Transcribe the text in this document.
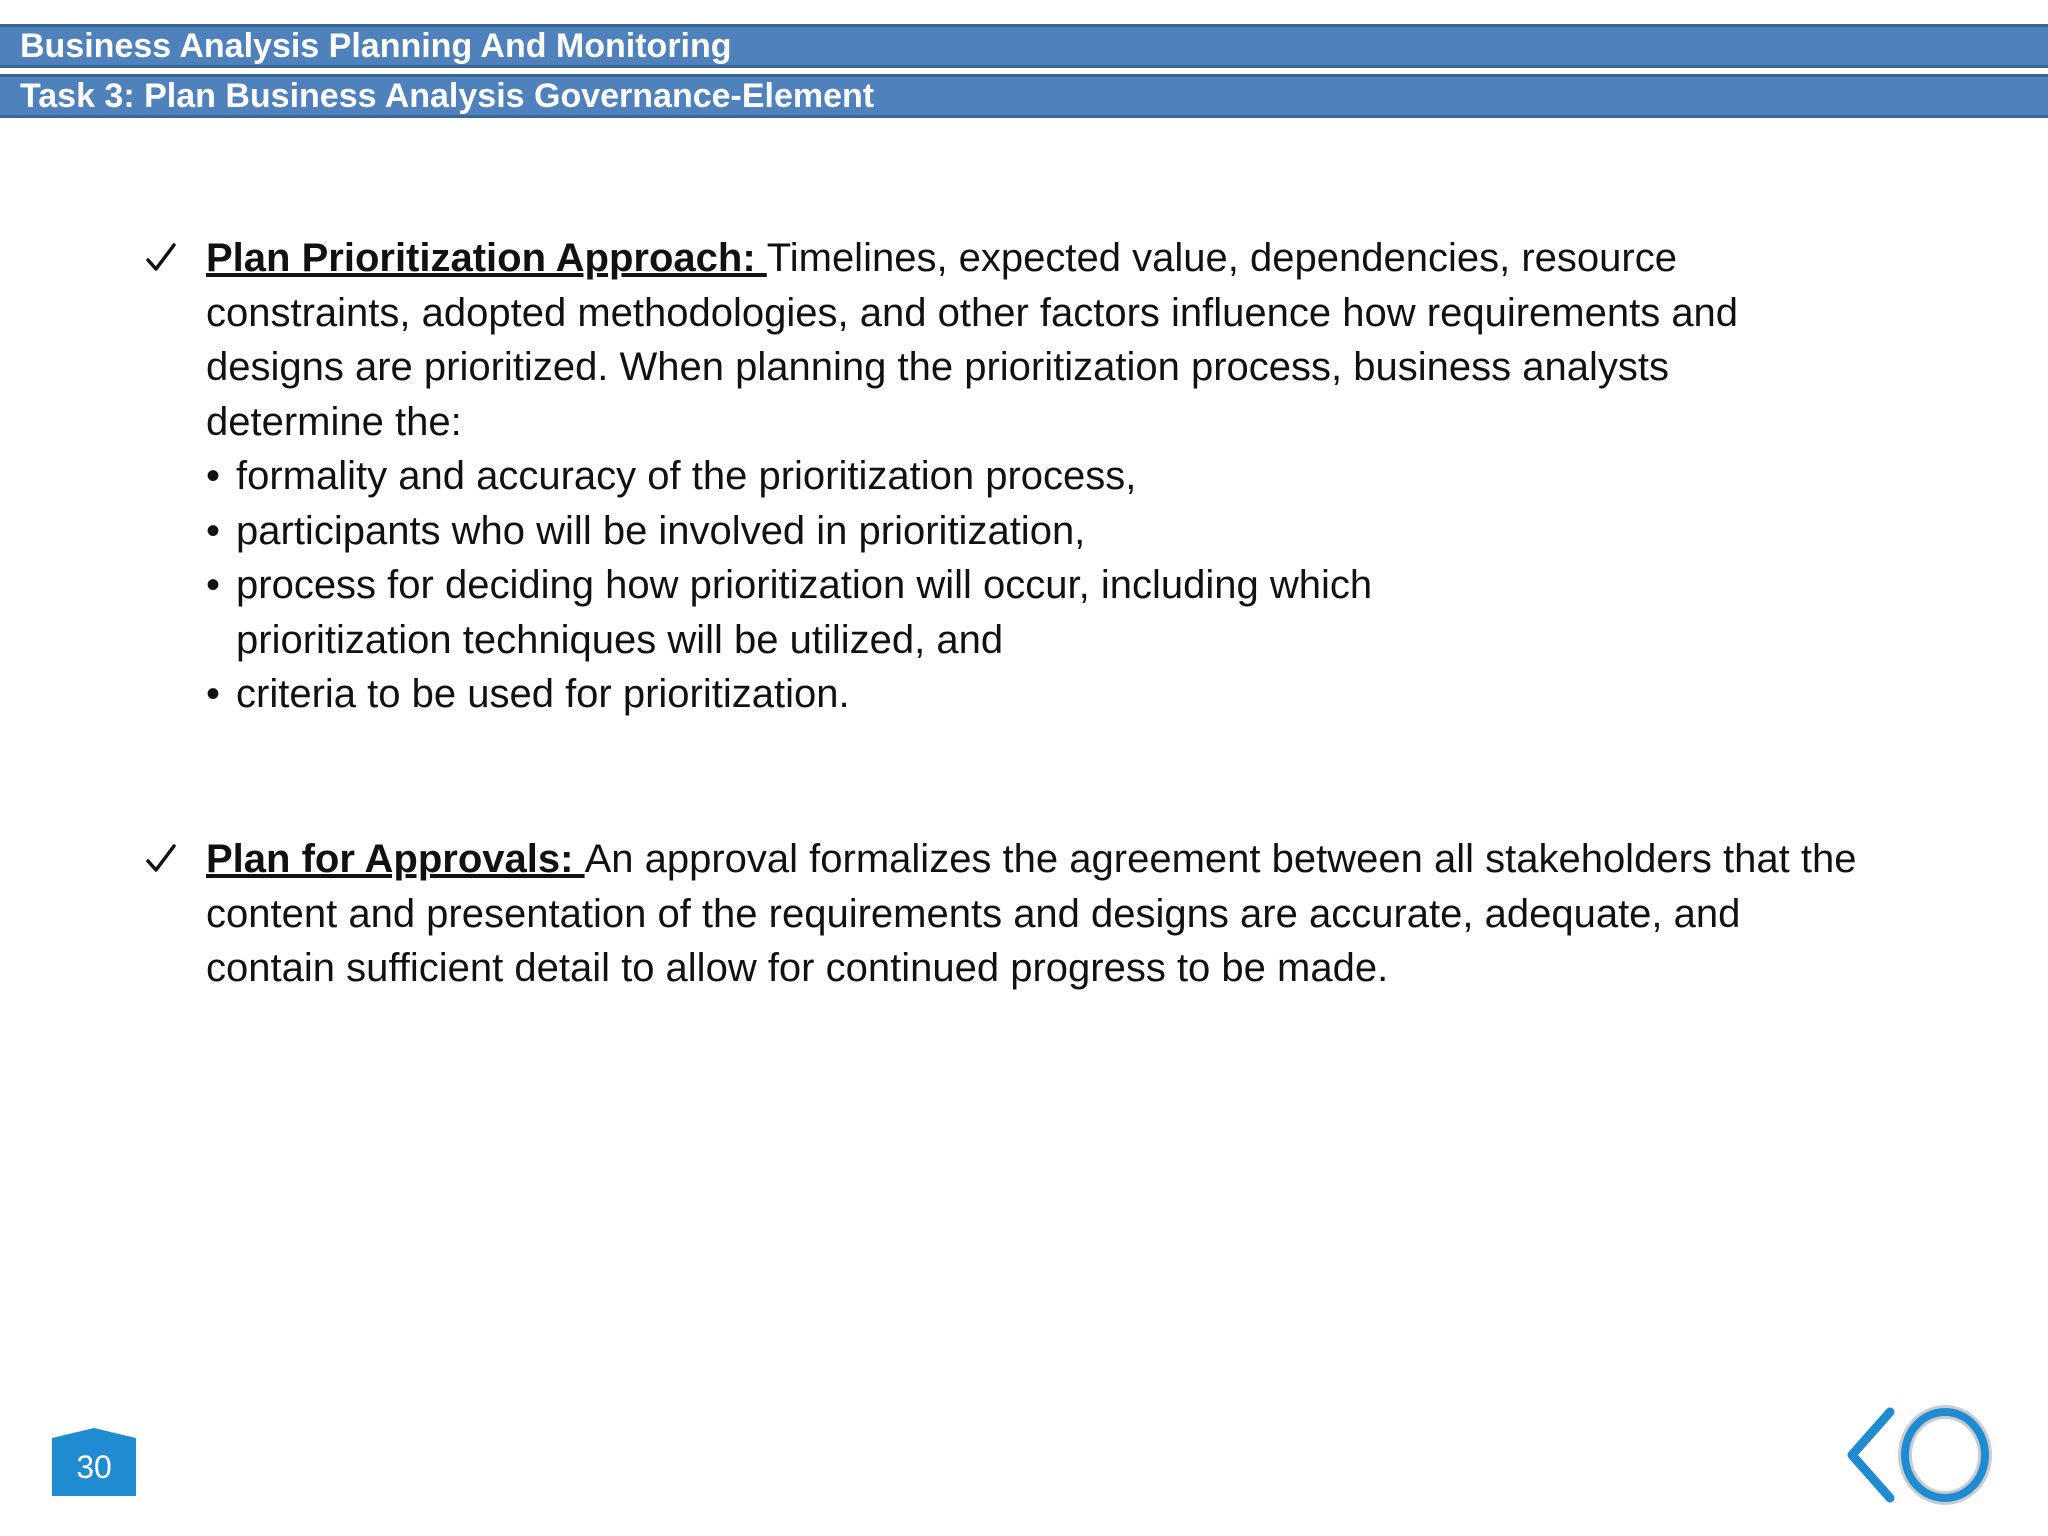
Business Analysis Planning And Monitoring
Task 3: Plan Business Analysis Governance-Element
Plan Prioritization Approach: Timelines, expected value, dependencies, resource constraints, adopted methodologies, and other factors influence how requirements and designs are prioritized. When planning the prioritization process, business analysts determine the:
• formality and accuracy of the prioritization process,
• participants who will be involved in prioritization,
• process for deciding how prioritization will occur, including which prioritization techniques will be utilized, and
• criteria to be used for prioritization.
Plan for Approvals: An approval formalizes the agreement between all stakeholders that the content and presentation of the requirements and designs are accurate, adequate, and contain sufficient detail to allow for continued progress to be made.
30
